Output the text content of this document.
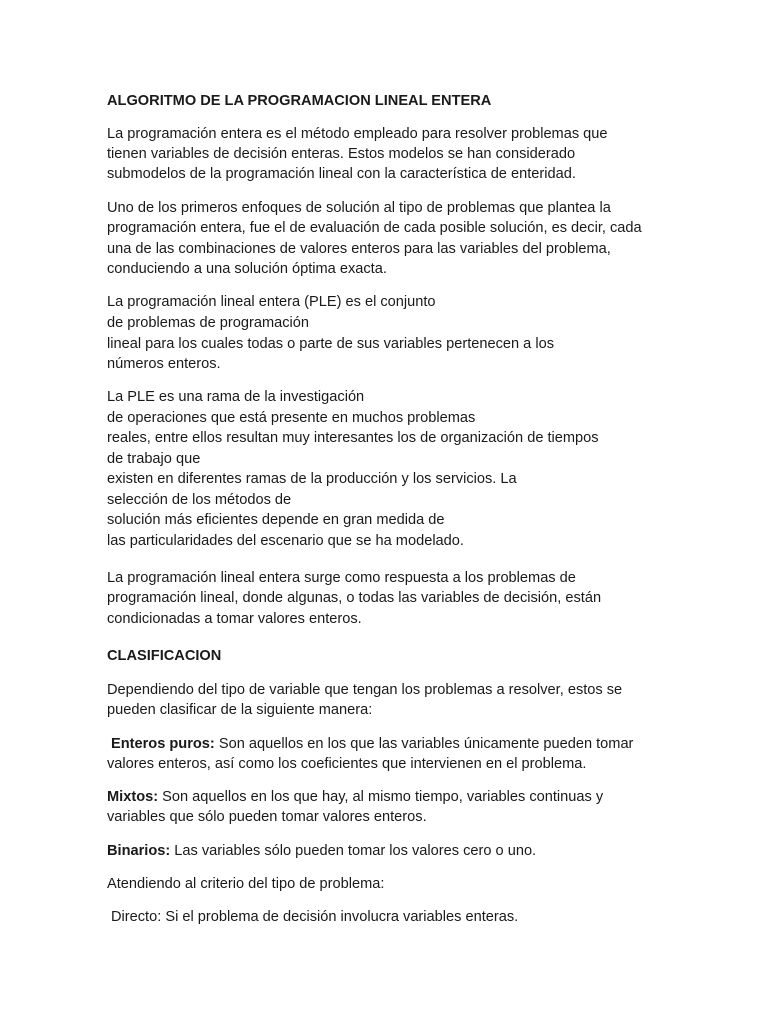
ALGORITMO DE LA PROGRAMACION LINEAL ENTERA
La programación entera es el método empleado para resolver problemas que
tienen variables de decisión enteras. Estos modelos se han considerado
submodelos de la programación lineal con la característica de enteridad.
Uno de los primeros enfoques de solución al tipo de problemas que plantea la
programación entera, fue el de evaluación de cada posible solución, es decir, cada
una de las combinaciones de valores enteros para las variables del problema,
conduciendo a una solución óptima exacta.
La programación lineal entera (PLE) es el conjunto
de problemas de programación
lineal para los cuales todas o parte de sus variables pertenecen a los
números enteros.
La PLE es una rama de la investigación
de operaciones que está presente en muchos problemas
reales, entre ellos resultan muy interesantes los de organización de tiempos
de trabajo que
existen en diferentes ramas de la producción y los servicios. La
selección de los métodos de
solución más eficientes depende en gran medida de
las particularidades del escenario que se ha modelado.
La programación lineal entera surge como respuesta a los problemas de
programación lineal, donde algunas, o todas las variables de decisión, están
condicionadas a tomar valores enteros.
CLASIFICACION
Dependiendo del tipo de variable que tengan los problemas a resolver, estos se
pueden clasificar de la siguiente manera:
Enteros puros: Son aquellos en los que las variables únicamente pueden tomar
valores enteros, así como los coeficientes que intervienen en el problema.
Mixtos: Son aquellos en los que hay, al mismo tiempo, variables continuas y
variables que sólo pueden tomar valores enteros.
Binarios: Las variables sólo pueden tomar los valores cero o uno.
Atendiendo al criterio del tipo de problema:
Directo: Si el problema de decisión involucra variables enteras.
